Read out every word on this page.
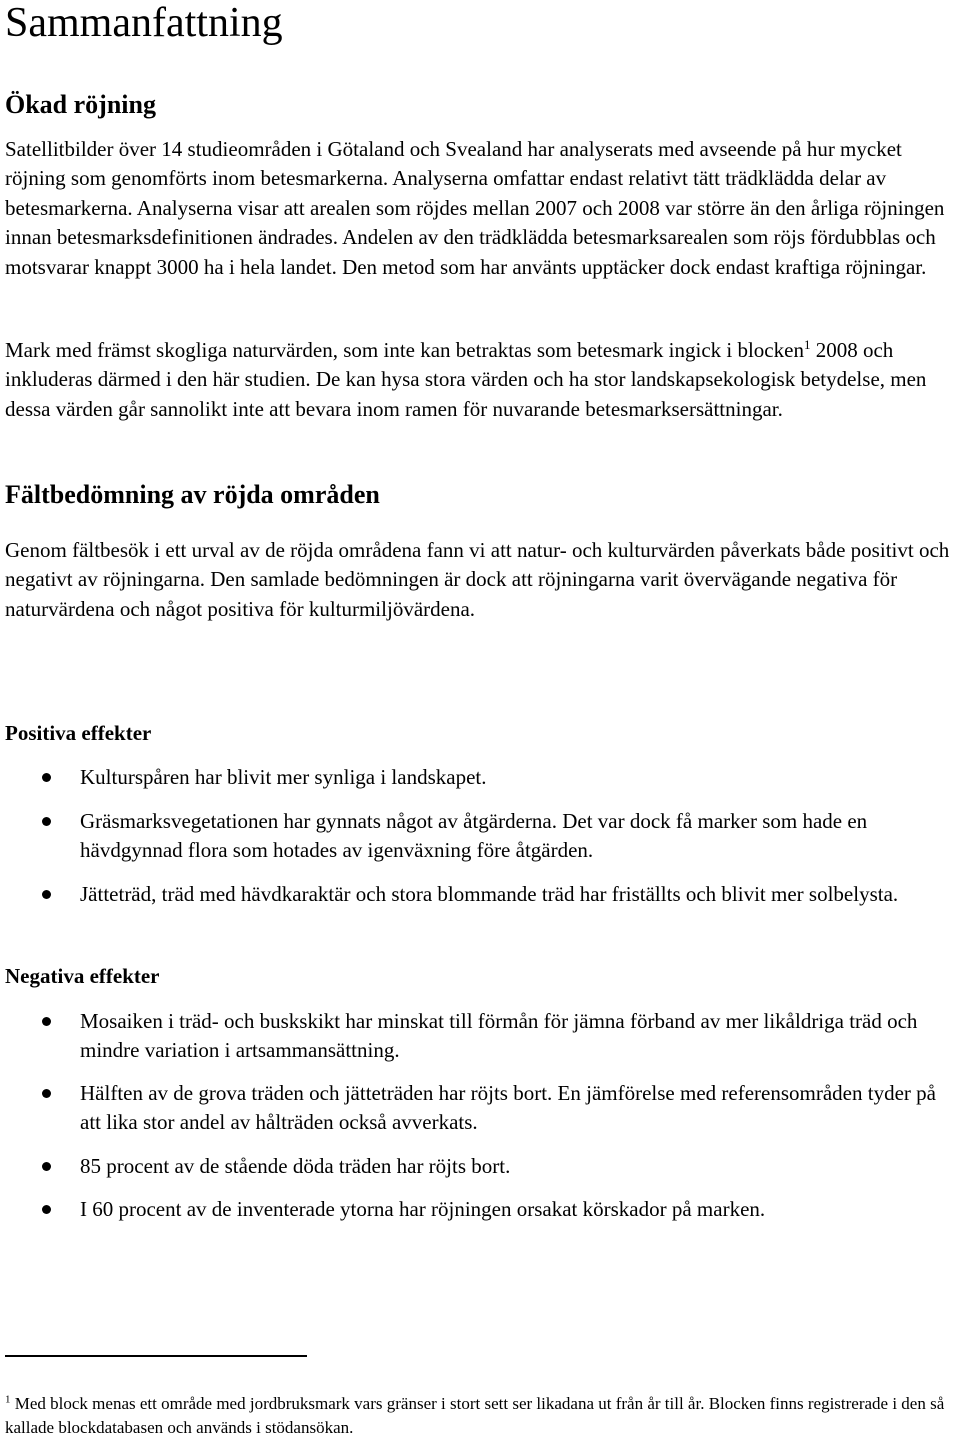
Sammanfattning
Ökad röjning

Satellitbilder över 14 studieområden i Götaland och Svealand har analyserats med avseende på hur mycket röjning som genomförts inom betesmarkerna. Analyserna omfattar endast relativt tätt trädklädda delar av betesmarkerna. Analyserna visar att arealen som röjdes mellan 2007 och 2008 var större än den årliga röjningen innan betesmarksdefinitionen ändrades. Andelen av den trädklädda betesmarksarealen som röjs fördubblas och motsvarar knappt 3000 ha i hela landet. Den metod som har använts upptäcker dock endast kraftiga röjningar.

Mark med främst skogliga naturvärden, som inte kan betraktas som betesmark ingick i blocken$^1$ 2008 och inkluderas därmed i den här studien. De kan hysa stora värden och ha stor landskapsekologisk betydelse, men dessa värden går sannolikt inte att bevara inom ramen för nuvarande betesmarksersättningar.

Fältbedömning av röjda områden

Genom fältbesök i ett urval av de röjda områdena fann vi att natur- och kulturvärden påverkats både positivt och negativt av röjningarna. Den samlade bedömningen är dock att röjningarna varit övervägande negativa för naturvärdena och något positiva för kulturmiljövärdena.

Positiva effekter
Kulturspåren har blivit mer synliga i landskapet.
Gräsmarksvegetationen har gynnats något av åtgärderna. Det var dock få marker som hade en hävdgynnad flora som hotades av igenväxning före åtgärden.
Jätteträd, träd med hävdkaraktär och stora blommande träd har friställts och blivit mer solbelysta.
Negativa effekter
Mosaiken i träd- och buskskikt har minskat till förmån för jämna förband av mer likåldriga träd och mindre variation i artsammansättning.
Hälften av de grova träden och jätteträden har röjts bort. En jämförelse med referensområden tyder på att lika stor andel av hålträden också avverkats.
85 procent av de stående döda träden har röjts bort.
I 60 procent av de inventerade ytorna har röjningen orsakat körskador på marken.
$^1$ Med block menas ett område med jordbruksmark vars gränser i stort sett ser likadana ut från år till år. Blocken finns registrerade i den så kallade blockdatabasen och används i stödansökan.
